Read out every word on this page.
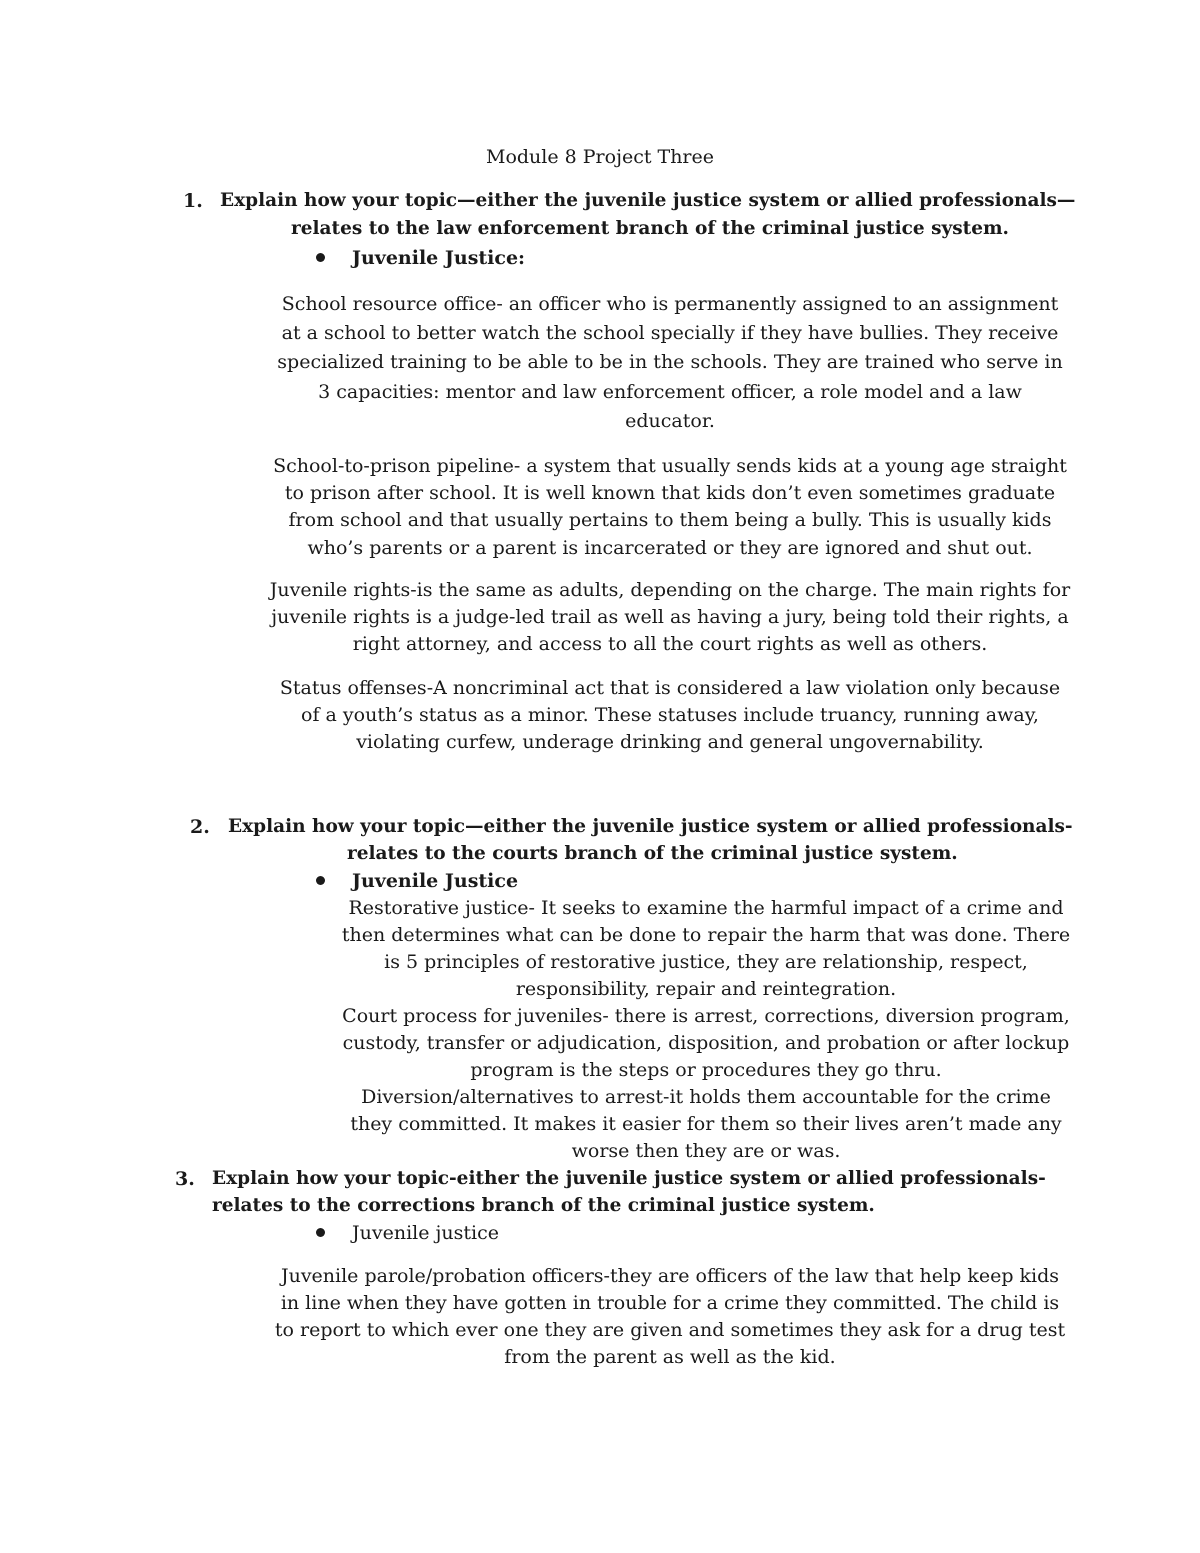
Module 8 Project Three
1. Explain how your topic—either the juvenile justice system or allied professionals—
relates to the law enforcement branch of the criminal justice system.
Juvenile Justice:
School resource office- an officer who is permanently assigned to an assignment
at a school to better watch the school specially if they have bullies. They receive
specialized training to be able to be in the schools. They are trained who serve in
3 capacities: mentor and law enforcement officer, a role model and a law
educator.
School-to-prison pipeline- a system that usually sends kids at a young age straight
to prison after school. It is well known that kids don’t even sometimes graduate
from school and that usually pertains to them being a bully. This is usually kids
who’s parents or a parent is incarcerated or they are ignored and shut out.
Juvenile rights-is the same as adults, depending on the charge. The main rights for
juvenile rights is a judge-led trail as well as having a jury, being told their rights, a
right attorney, and access to all the court rights as well as others.
Status offenses-A noncriminal act that is considered a law violation only because
of a youth’s status as a minor. These statuses include truancy, running away,
violating curfew, underage drinking and general ungovernability.
2. Explain how your topic—either the juvenile justice system or allied professionals-
relates to the courts branch of the criminal justice system.
Juvenile Justice
Restorative justice- It seeks to examine the harmful impact of a crime and
then determines what can be done to repair the harm that was done. There
is 5 principles of restorative justice, they are relationship, respect,
responsibility, repair and reintegration.
Court process for juveniles- there is arrest, corrections, diversion program,
custody, transfer or adjudication, disposition, and probation or after lockup
program is the steps or procedures they go thru.
Diversion/alternatives to arrest-it holds them accountable for the crime
they committed. It makes it easier for them so their lives aren’t made any
worse then they are or was.
3. Explain how your topic-either the juvenile justice system or allied professionals-
relates to the corrections branch of the criminal justice system.
Juvenile justice
Juvenile parole/probation officers-they are officers of the law that help keep kids
in line when they have gotten in trouble for a crime they committed. The child is
to report to which ever one they are given and sometimes they ask for a drug test
from the parent as well as the kid.
